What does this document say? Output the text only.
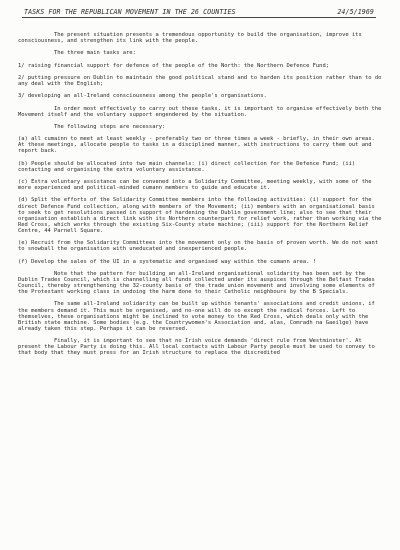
TASKS FOR THE REPUBLICAN MOVEMENT IN THE 26 COUNTIES	24/5/1969

The present situation presents a tremendous opportunity to build the organisation, improve its consciousness, and strengthen its link with the people.

The three main tasks are:

1/ raising financial support for defence of the people of the North: the Northern Defence Fund;

2/ putting pressure on Dublin to maintain the good political stand and to harden its position rather than to do any deal with the English;

3/ developing an all-Ireland consciousness among the people's organisations.

In order most effectively to carry out these tasks, it is important to organise effectively both the Movement itself and the voluntary support engendered by the situation.

The following steps are necessary:

(a) all cumainn to meet at least weekly - preferably two or three times a week - briefly, in their own areas. At these meetings, allocate people to tasks in a disciplined manner, with instructions to carry them out and report back.

(b) People should be allocated into two main channels: (i) direct collection for the Defence Fund; (ii) contacting and organising the extra voluntary assistance.

(c) Extra voluntary assistance can be convened into a Solidarity Committee, meeting weekly, with some of the more experienced and political-minded cumann members to guide and educate it.

(d) Split the efforts of the Solidarity Committee members into the following activities: (i) support for the direct Defence Fund collection, along with members of the Movement; (ii) members with an organisational basis to seek to get resolutions passed in support of hardening the Dublin government line; also to see that their organisation establish a direct link with its Northern counterpart for relief work, rather than working via the Red Cross, which works through the existing Six-County state machine; (iii) support for the Northern Relief Centre, 44 Parnell Square.

(e) Recruit from the Solidarity Committees into the movement only on the basis of proven worth. We do not want to snowball the organisation with uneducated and inexperienced people.

(f) Develop the sales of the UI in a systematic and organised way within the cumann area. !

Note that the pattern for building an all-Ireland organisational solidarity has been set by the Dublin Trades Council, which is channelling all funds collected under its auspices through the Belfast Trades Council, thereby strengthening the 32-county basis of the trade union movement and involving some elements of the Protestant working class in undoing the harm done to their Catholic neighbours by the B Specials.

The same all-Ireland solidarity can be built up within tenants' associations and credit unions, if the members demand it. This must be organised, and no-one will do so except the radical forces. Left to themselves, these organisations might be inclined to vote money to the Red Cross, which deals only with the British state machine. Some bodies (e.g. the Countrywomen's Association and, alas, Comradh na Gaeilge) have already taken this step. Perhaps it can be reversed.

Finally, it is important to see that no Irish voice demands 'direct rule from Westminster'. At present the Labour Party is doing this. All local contacts with Labour Party people must be used to convey to that body that they must press for an Irish structure to replace the discredited
